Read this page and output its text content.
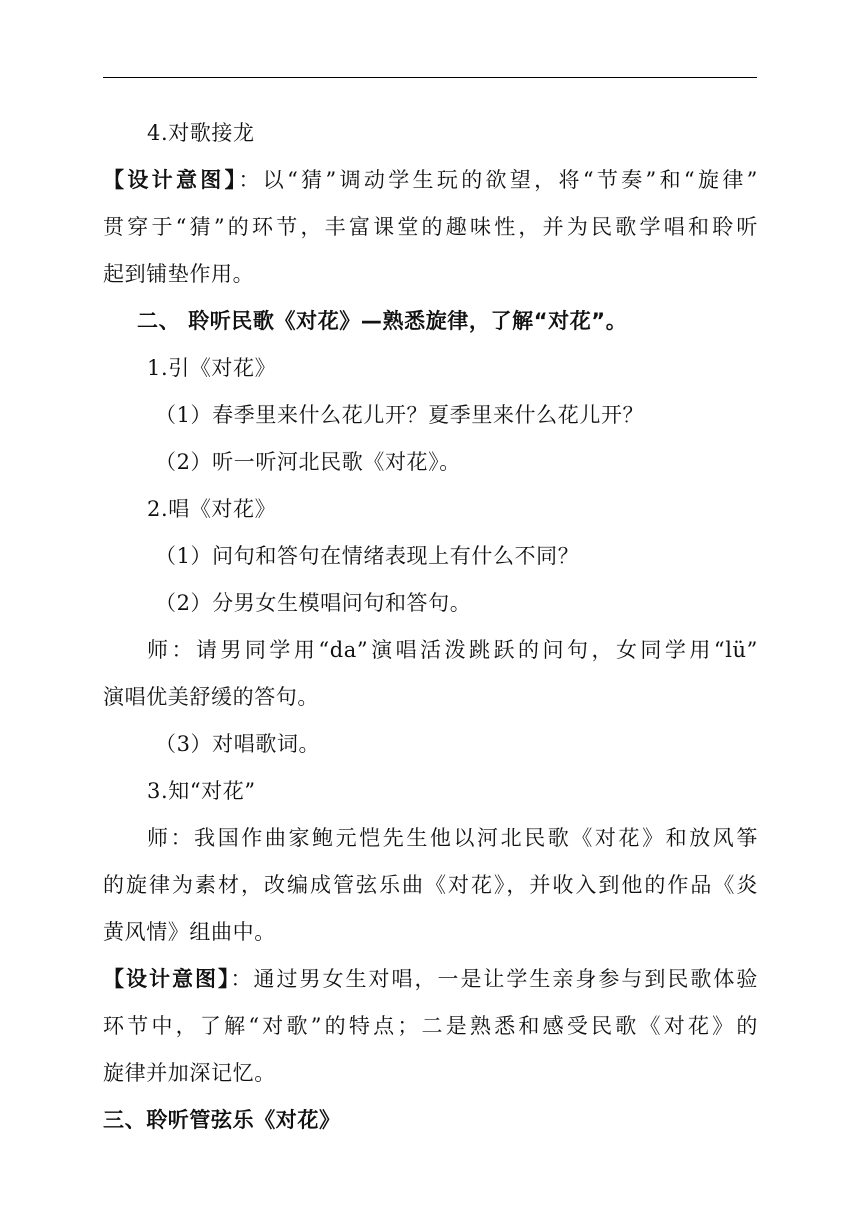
4.对歌接龙
【设计意图】：以“猜”调动学生玩的欲望，将“节奏”和“旋律”
贯穿于“猜”的环节，丰富课堂的趣味性，并为民歌学唱和聆听
起到铺垫作用。
二、 聆听民歌《对花》—熟悉旋律，了解“对花”。
1.引《对花》
（1）春季里来什么花儿开？夏季里来什么花儿开？
（2）听一听河北民歌《对花》。
2.唱《对花》
（1）问句和答句在情绪表现上有什么不同？
（2）分男女生模唱问句和答句。
师：请男同学用“da”演唱活泼跳跃的问句，女同学用“lü”
演唱优美舒缓的答句。
（3）对唱歌词。
3.知“对花”
师：我国作曲家鲍元恺先生他以河北民歌《对花》和放风筝
的旋律为素材，改编成管弦乐曲《对花》，并收入到他的作品《炎
黄风情》组曲中。
【设计意图】：通过男女生对唱，一是让学生亲身参与到民歌体验
环节中，了解“对歌”的特点；二是熟悉和感受民歌《对花》的
旋律并加深记忆。
三、聆听管弦乐《对花》
